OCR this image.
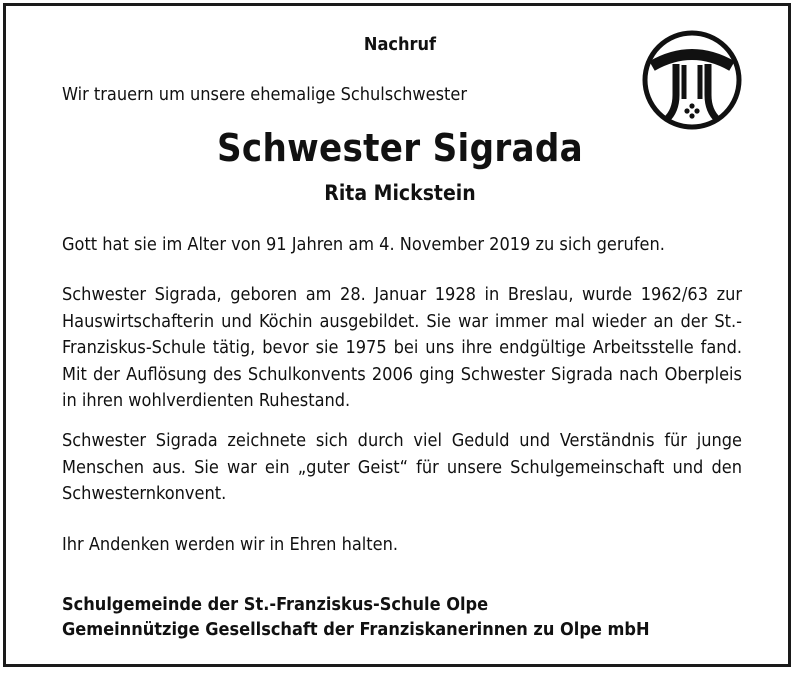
Nachruf
Wir trauern um unsere ehemalige Schulschwester
Schwester Sigrada
Rita Mickstein

Gott hat sie im Alter von 91 Jahren am 4. November 2019 zu sich gerufen.

Schwester Sigrada, geboren am 28. Januar 1928 in Breslau, wurde 1962/63 zur Hauswirtschafterin und Köchin ausgebildet. Sie war immer mal wieder an der St.-Franziskus-Schule tätig, bevor sie 1975 bei uns ihre endgültige Arbeitsstelle fand. Mit der Auflösung des Schulkonvents 2006 ging Schwester Sigrada nach Oberpleis in ihren wohlverdienten Ruhestand.

Schwester Sigrada zeichnete sich durch viel Geduld und Verständnis für junge Menschen aus. Sie war ein „guter Geist“ für unsere Schulgemeinschaft und den Schwesternkonvent.

Ihr Andenken werden wir in Ehren halten.

Schulgemeinde der St.-Franziskus-Schule Olpe
Gemeinnützige Gesellschaft der Franziskanerinnen zu Olpe mbH
